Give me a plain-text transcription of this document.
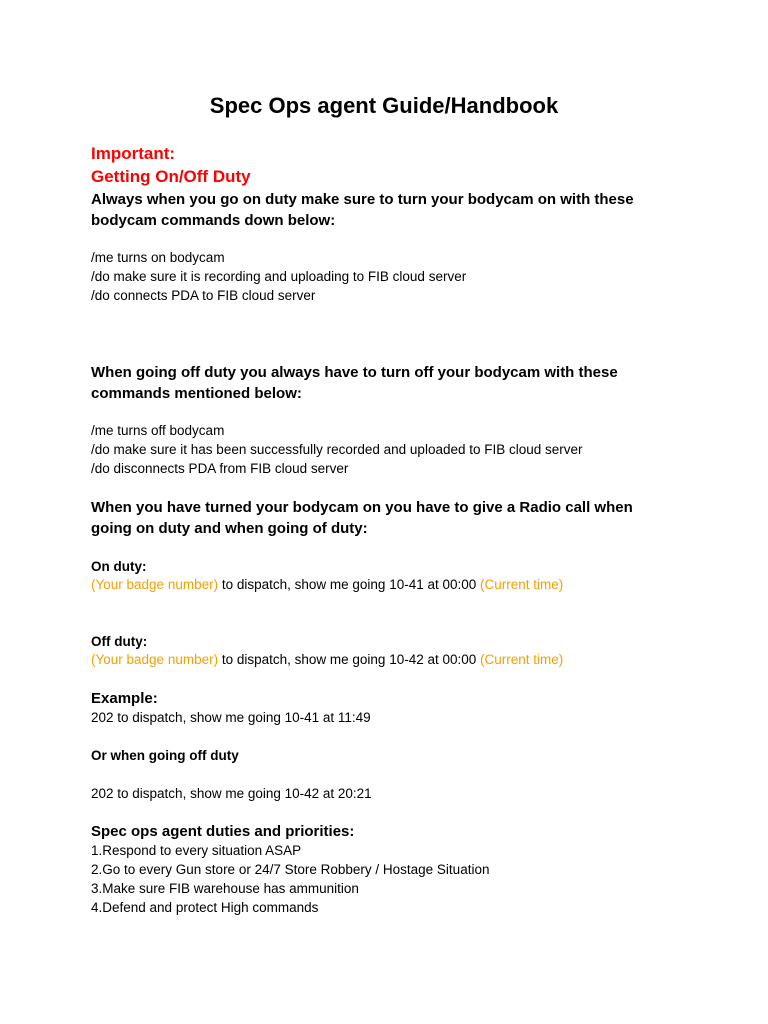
Spec Ops agent Guide/Handbook
Important:
Getting On/Off Duty
Always when you go on duty make sure to turn your bodycam on with these
bodycam commands down below:
/me turns on bodycam
/do make sure it is recording and uploading to FIB cloud server
/do connects PDA to FIB cloud server
When going off duty you always have to turn off your bodycam with these
commands mentioned below:
/me turns off bodycam
/do make sure it has been successfully recorded and uploaded to FIB cloud server
/do disconnects PDA from FIB cloud server
When you have turned your bodycam on you have to give a Radio call when
going on duty and when going of duty:
On duty:
(Your badge number) to dispatch, show me going 10-41 at 00:00 (Current time)
Off duty:
(Your badge number) to dispatch, show me going 10-42 at 00:00 (Current time)
Example:
202 to dispatch, show me going 10-41 at 11:49
Or when going off duty
202 to dispatch, show me going 10-42 at 20:21
Spec ops agent duties and priorities:
1.Respond to every situation ASAP
2.Go to every Gun store or 24/7 Store Robbery / Hostage Situation
3.Make sure FIB warehouse has ammunition
4.Defend and protect High commands
